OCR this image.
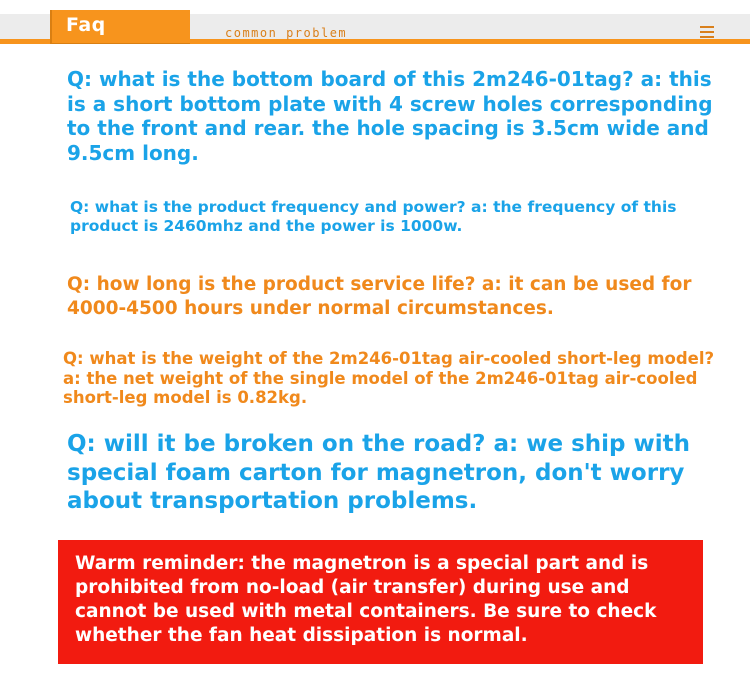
Faq	common problem

Q: what is the bottom board of this 2m246-01tag? a: this is a short bottom plate with 4 screw holes corresponding to the front and rear. the hole spacing is 3.5cm wide and 9.5cm long.

Q: what is the product frequency and power? a: the frequency of this product is 2460mhz and the power is 1000w.

Q: how long is the product service life? a: it can be used for 4000-4500 hours under normal circumstances.

Q: what is the weight of the 2m246-01tag air-cooled short-leg model? a: the net weight of the single model of the 2m246-01tag air-cooled short-leg model is 0.82kg.

Q: will it be broken on the road? a: we ship with special foam carton for magnetron, don't worry about transportation problems.

Warm reminder: the magnetron is a special part and is prohibited from no-load (air transfer) during use and cannot be used with metal containers. Be sure to check whether the fan heat dissipation is normal.
